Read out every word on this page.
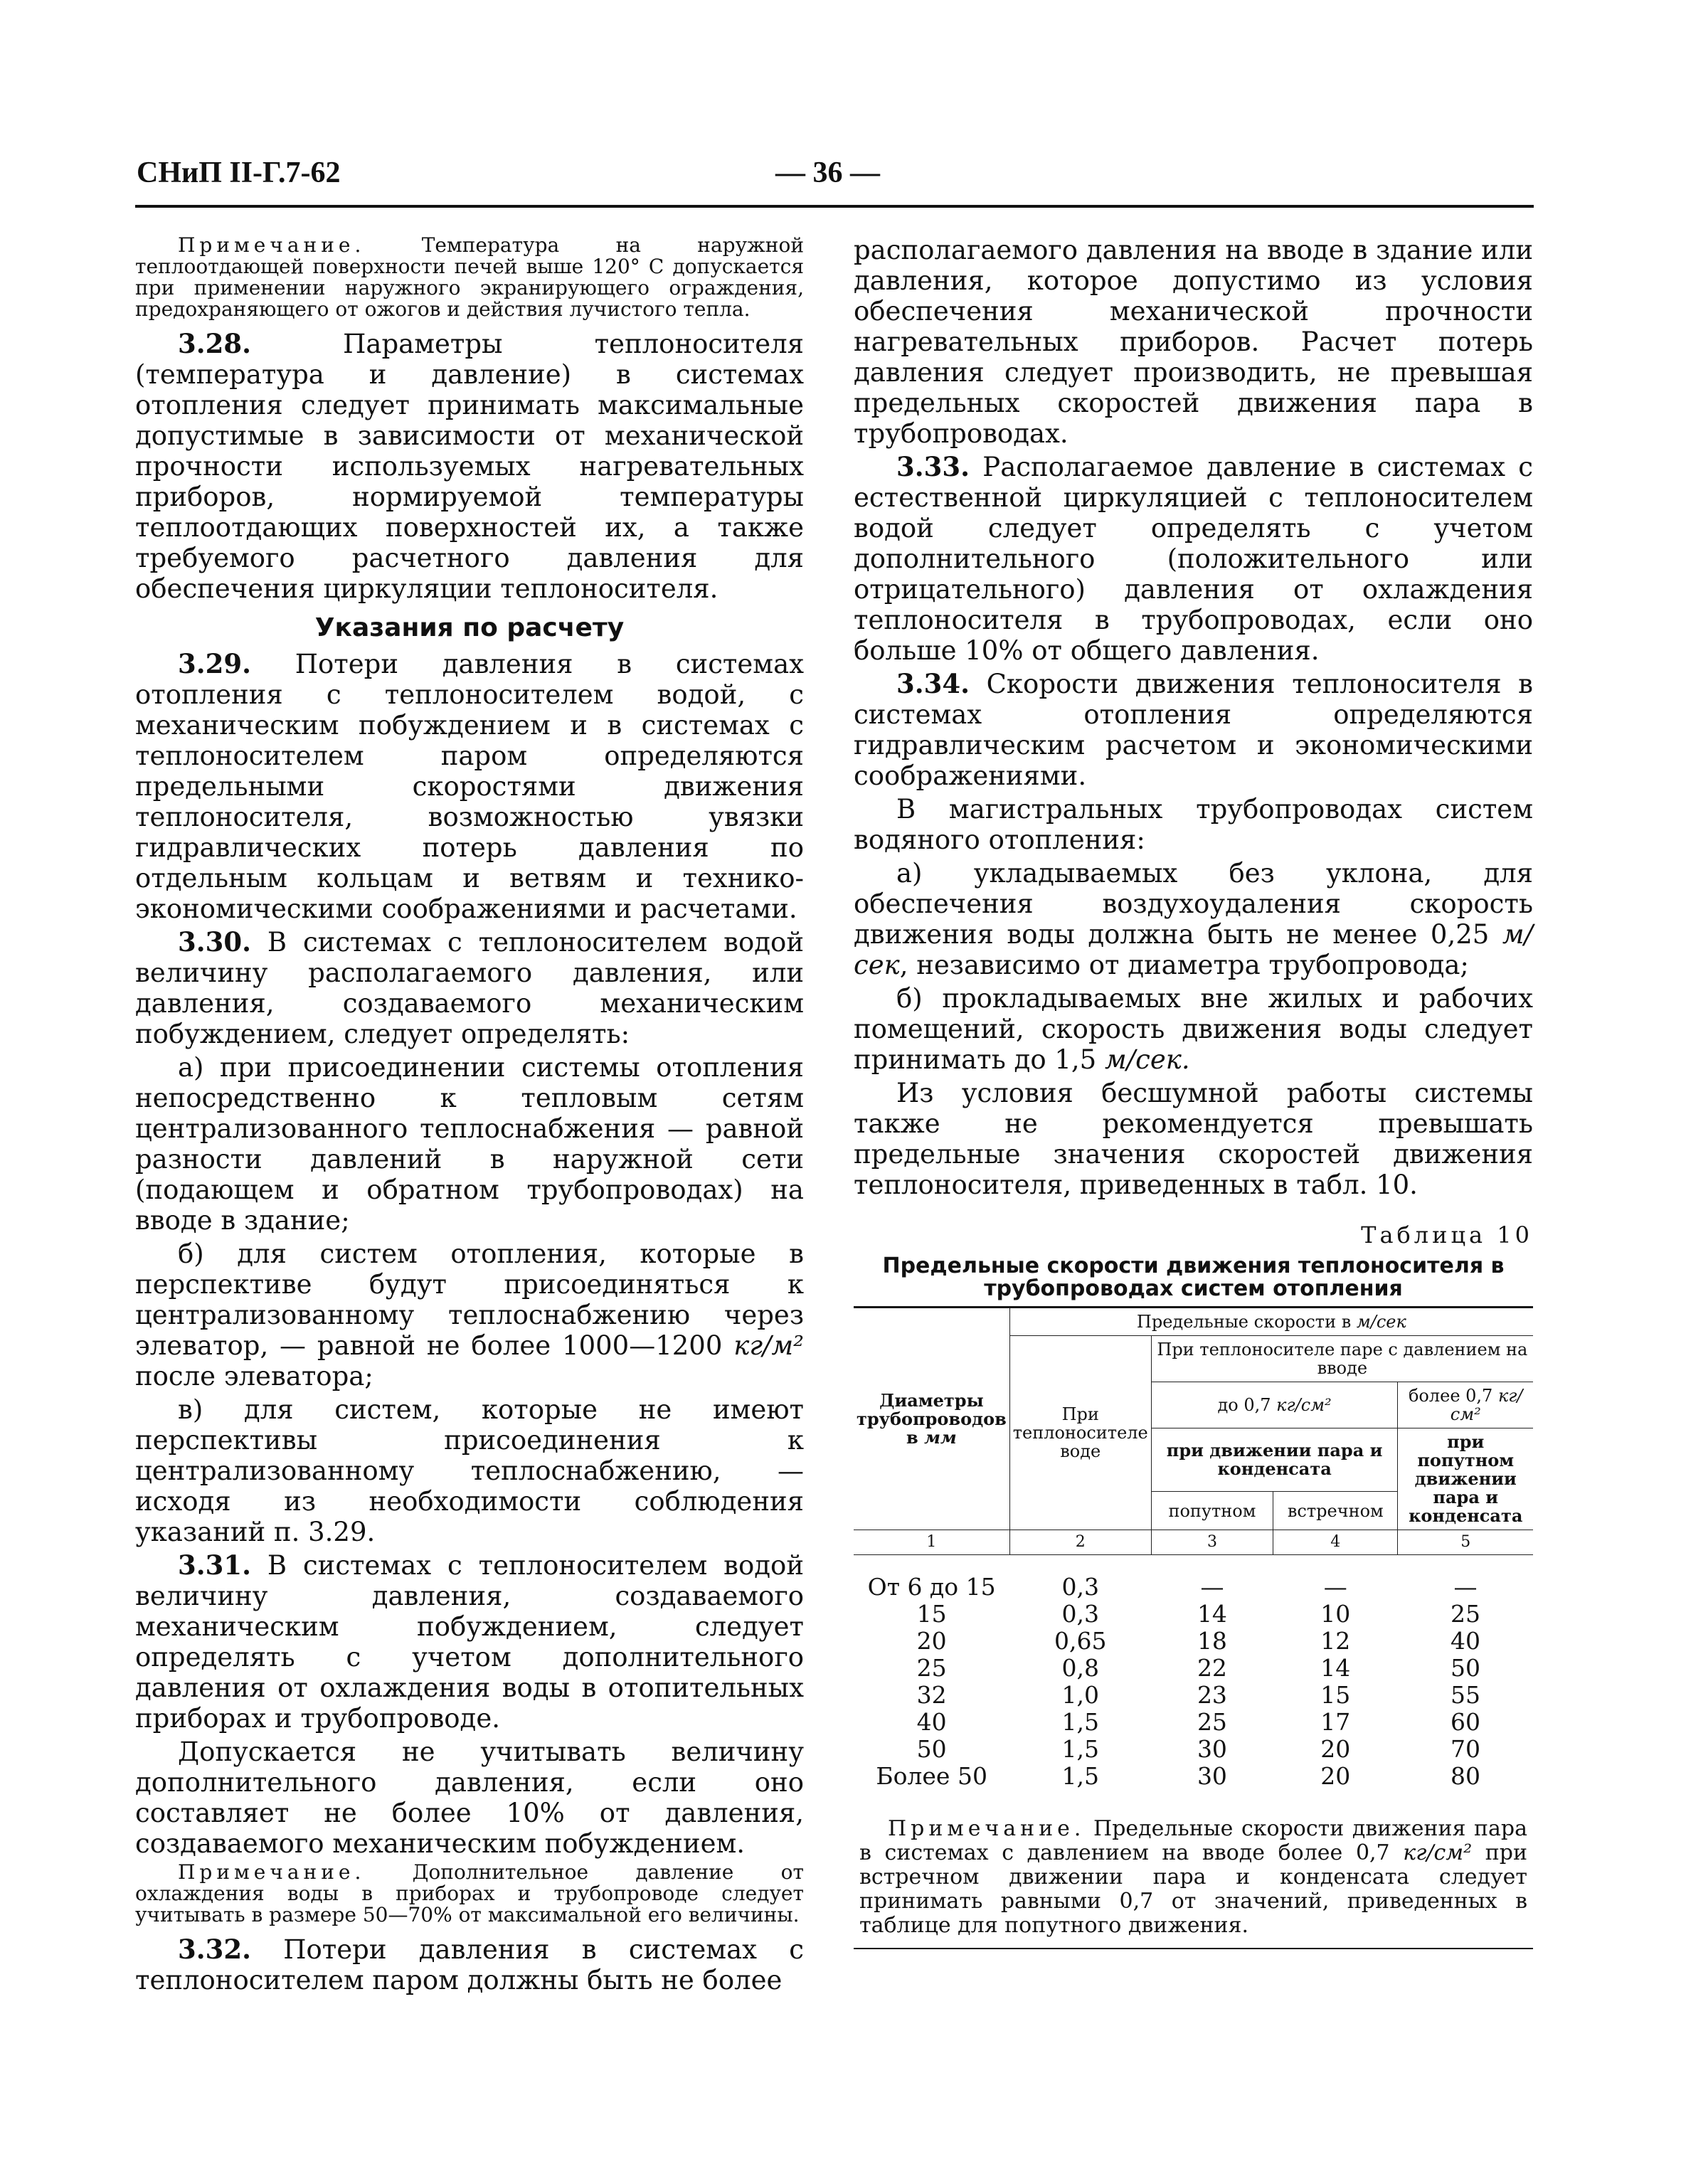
СНиП II-Г.7-62	— 36 —

Примечание. Температура на наружной теплоотдающей поверхности печей выше 120° С допускается при применении наружного экранирующего ограждения, предохраняющего от ожогов и действия лучистого тепла.

3.28. Параметры теплоносителя (температура и давление) в системах отопления следует принимать максимальные допустимые в зависимости от механической прочности используемых нагревательных приборов, нормируемой температуры теплоотдающих поверхностей их, а также требуемого расчетного давления для обеспечения циркуляции теплоносителя.

Указания по расчету

3.29. Потери давления в системах отопления с теплоносителем водой, с механическим побуждением и в системах с теплоносителем паром определяются предельными скоростями движения теплоносителя, возможностью увязки гидравлических потерь давления по отдельным кольцам и ветвям и технико-экономическими соображениями и расчетами.

3.30. В системах с теплоносителем водой величину располагаемого давления, или давления, создаваемого механическим побуждением, следует определять:

а) при присоединении системы отопления непосредственно к тепловым сетям централизованного теплоснабжения — равной разности давлений в наружной сети (подающем и обратном трубопроводах) на вводе в здание;

б) для систем отопления, которые в перспективе будут присоединяться к централизованному теплоснабжению через элеватор, — равной не более 1000—1200 кг/м² после элеватора;

в) для систем, которые не имеют перспективы присоединения к централизованному теплоснабжению, — исходя из необходимости соблюдения указаний п. 3.29.

3.31. В системах с теплоносителем водой величину давления, создаваемого механическим побуждением, следует определять с учетом дополнительного давления от охлаждения воды в отопительных приборах и трубопроводе.

Допускается не учитывать величину дополнительного давления, если оно составляет не более 10% от давления, создаваемого механическим побуждением.

Примечание. Дополнительное давление от охлаждения воды в приборах и трубопроводе следует учитывать в размере 50—70% от максимальной его величины.

3.32. Потери давления в системах с теплоносителем паром должны быть не более

располагаемого давления на вводе в здание или давления, которое допустимо из условия обеспечения механической прочности нагревательных приборов. Расчет потерь давления следует производить, не превышая предельных скоростей движения пара в трубопроводах.

3.33. Располагаемое давление в системах с естественной циркуляцией с теплоносителем водой следует определять с учетом дополнительного (положительного или отрицательного) давления от охлаждения теплоносителя в трубопроводах, если оно больше 10% от общего давления.

3.34. Скорости движения теплоносителя в системах отопления определяются гидравлическим расчетом и экономическими соображениями.

В магистральных трубопроводах систем водяного отопления:

а) укладываемых без уклона, для обеспечения воздухоудаления скорость движения воды должна быть не менее 0,25 м/сек, независимо от диаметра трубопровода;

б) прокладываемых вне жилых и рабочих помещений, скорость движения воды следует принимать до 1,5 м/сек.

Из условия бесшумной работы системы также не рекомендуется превышать предельные значения скоростей движения теплоносителя, приведенных в табл. 10.

Таблица 10
Предельные скорости движения теплоносителя в трубопроводах систем отопления
Диаметры трубопроводов в мм	Предельные скорости в м/сек			
	При теплоносителе воде	При теплоносителе паре с давлением на вводе		
		до 0,7 кг/см²		более 0,7 кг/см²
		при движении пара и конденсата		при попутном движении пара и конденсата
		попутном	встречном	
1	2	3	4	5
От 6 до 15	0,3	—	—	—
15	0,3	14	10	25
20	0,65	18	12	40
25	0,8	22	14	50
32	1,0	23	15	55
40	1,5	25	17	60
50	1,5	30	20	70
Более 50	1,5	30	20	80

Примечание. Предельные скорости движения пара в системах с давлением на вводе более 0,7 кг/см² при встречном движении пара и конденсата следует принимать равными 0,7 от значений, приведенных в таблице для попутного движения.
